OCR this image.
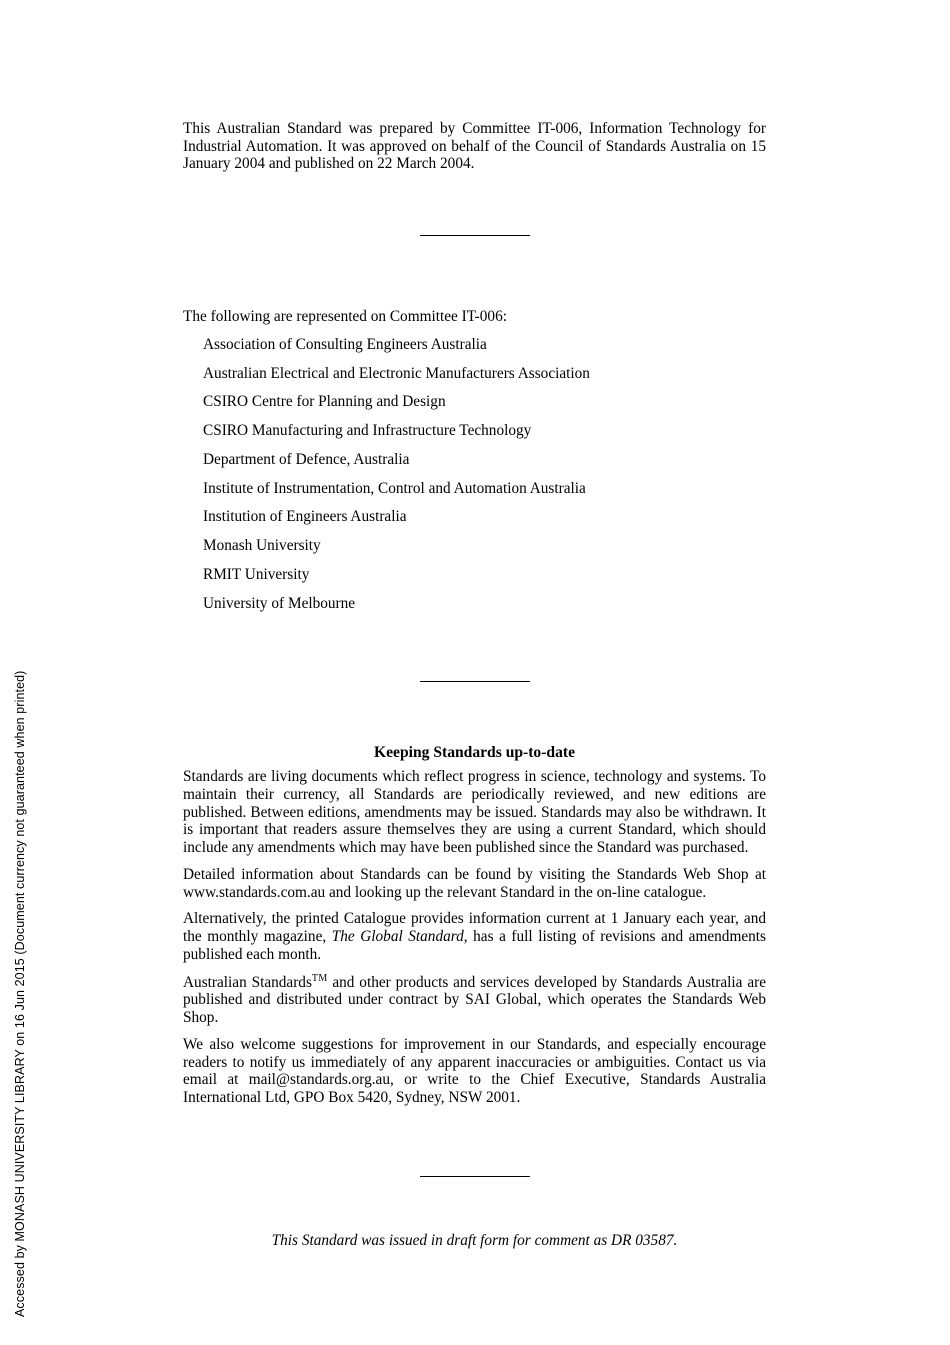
Accessed by MONASH UNIVERSITY LIBRARY on 16 Jun 2015 (Document currency not guaranteed when printed)

This Australian Standard was prepared by Committee IT-006, Information Technology for Industrial Automation. It was approved on behalf of the Council of Standards Australia on 15 January 2004 and published on 22 March 2004.

The following are represented on Committee IT-006:

Association of Consulting Engineers Australia
Australian Electrical and Electronic Manufacturers Association
CSIRO Centre for Planning and Design
CSIRO Manufacturing and Infrastructure Technology
Department of Defence, Australia
Institute of Instrumentation, Control and Automation Australia
Institution of Engineers Australia
Monash University
RMIT University
University of Melbourne
Keeping Standards up-to-date

Standards are living documents which reflect progress in science, technology and systems. To maintain their currency, all Standards are periodically reviewed, and new editions are published. Between editions, amendments may be issued. Standards may also be withdrawn. It is important that readers assure themselves they are using a current Standard, which should include any amendments which may have been published since the Standard was purchased.

Detailed information about Standards can be found by visiting the Standards Web Shop at www.standards.com.au and looking up the relevant Standard in the on-line catalogue.

Alternatively, the printed Catalogue provides information current at 1 January each year, and the monthly magazine, The Global Standard, has a full listing of revisions and amendments published each month.

Australian Standards™ and other products and services developed by Standards Australia are published and distributed under contract by SAI Global, which operates the Standards Web Shop.

We also welcome suggestions for improvement in our Standards, and especially encourage readers to notify us immediately of any apparent inaccuracies or ambiguities. Contact us via email at mail@standards.org.au, or write to the Chief Executive, Standards Australia International Ltd, GPO Box 5420, Sydney, NSW 2001.

This Standard was issued in draft form for comment as DR 03587.
